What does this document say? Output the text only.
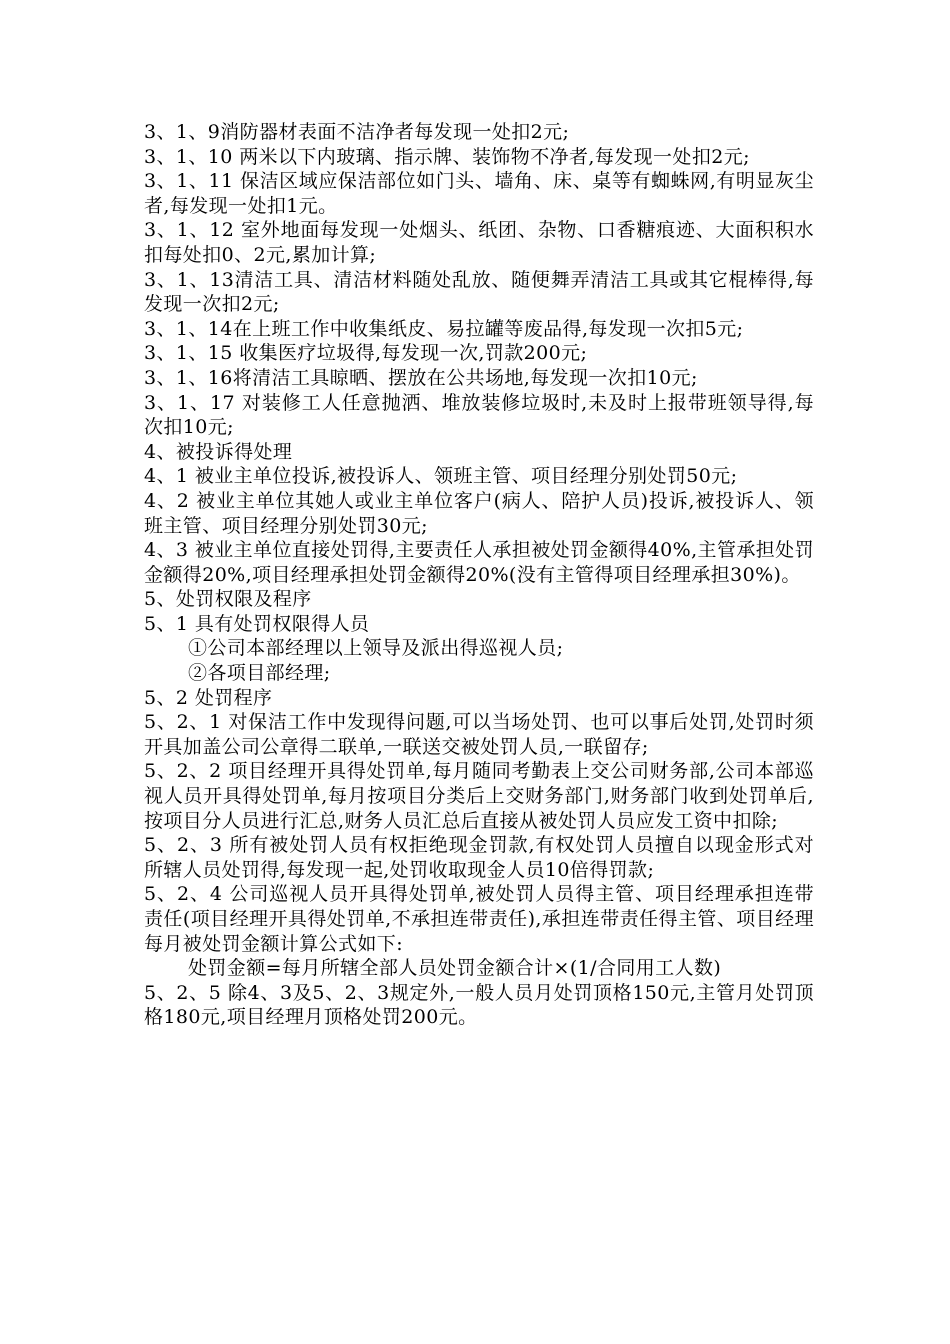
3、1、9消防器材表面不洁净者每发现一处扣2元;

3、1、10 两米以下内玻璃、指示牌、装饰物不净者,每发现一处扣2元;

3、1、11 保洁区域应保洁部位如门头、墙角、床、桌等有蜘蛛网,有明显灰尘者,每发现一处扣1元。

3、1、12 室外地面每发现一处烟头、纸团、杂物、口香糖痕迹、大面积积水扣每处扣0、2元,累加计算;

3、1、13清洁工具、清洁材料随处乱放、随便舞弄清洁工具或其它棍棒得,每发现一次扣2元;

3、1、14在上班工作中收集纸皮、易拉罐等废品得,每发现一次扣5元;

3、1、15 收集医疗垃圾得,每发现一次,罚款200元;

3、1、16将清洁工具晾晒、摆放在公共场地,每发现一次扣10元;

3、1、17 对装修工人任意抛洒、堆放装修垃圾时,未及时上报带班领导得,每次扣10元;

4、被投诉得处理

4、1 被业主单位投诉,被投诉人、领班主管、项目经理分别处罚50元;

4、2 被业主单位其她人或业主单位客户(病人、陪护人员)投诉,被投诉人、领班主管、项目经理分别处罚30元;

4、3 被业主单位直接处罚得,主要责任人承担被处罚金额得40%,主管承担处罚金额得20%,项目经理承担处罚金额得20%(没有主管得项目经理承担30%)。

5、处罚权限及程序

5、1 具有处罚权限得人员

①公司本部经理以上领导及派出得巡视人员;

②各项目部经理;

5、2 处罚程序

5、2、1 对保洁工作中发现得问题,可以当场处罚、也可以事后处罚,处罚时须开具加盖公司公章得二联单,一联送交被处罚人员,一联留存;

5、2、2 项目经理开具得处罚单,每月随同考勤表上交公司财务部,公司本部巡视人员开具得处罚单,每月按项目分类后上交财务部门,财务部门收到处罚单后,按项目分人员进行汇总,财务人员汇总后直接从被处罚人员应发工资中扣除;

5、2、3 所有被处罚人员有权拒绝现金罚款,有权处罚人员擅自以现金形式对所辖人员处罚得,每发现一起,处罚收取现金人员10倍得罚款;

5、2、4 公司巡视人员开具得处罚单,被处罚人员得主管、项目经理承担连带责任(项目经理开具得处罚单,不承担连带责任),承担连带责任得主管、项目经理每月被处罚金额计算公式如下:

处罚金额=每月所辖全部人员处罚金额合计×(1/合同用工人数)

5、2、5 除4、3及5、2、3规定外,一般人员月处罚顶格150元,主管月处罚顶格180元,项目经理月顶格处罚200元。
